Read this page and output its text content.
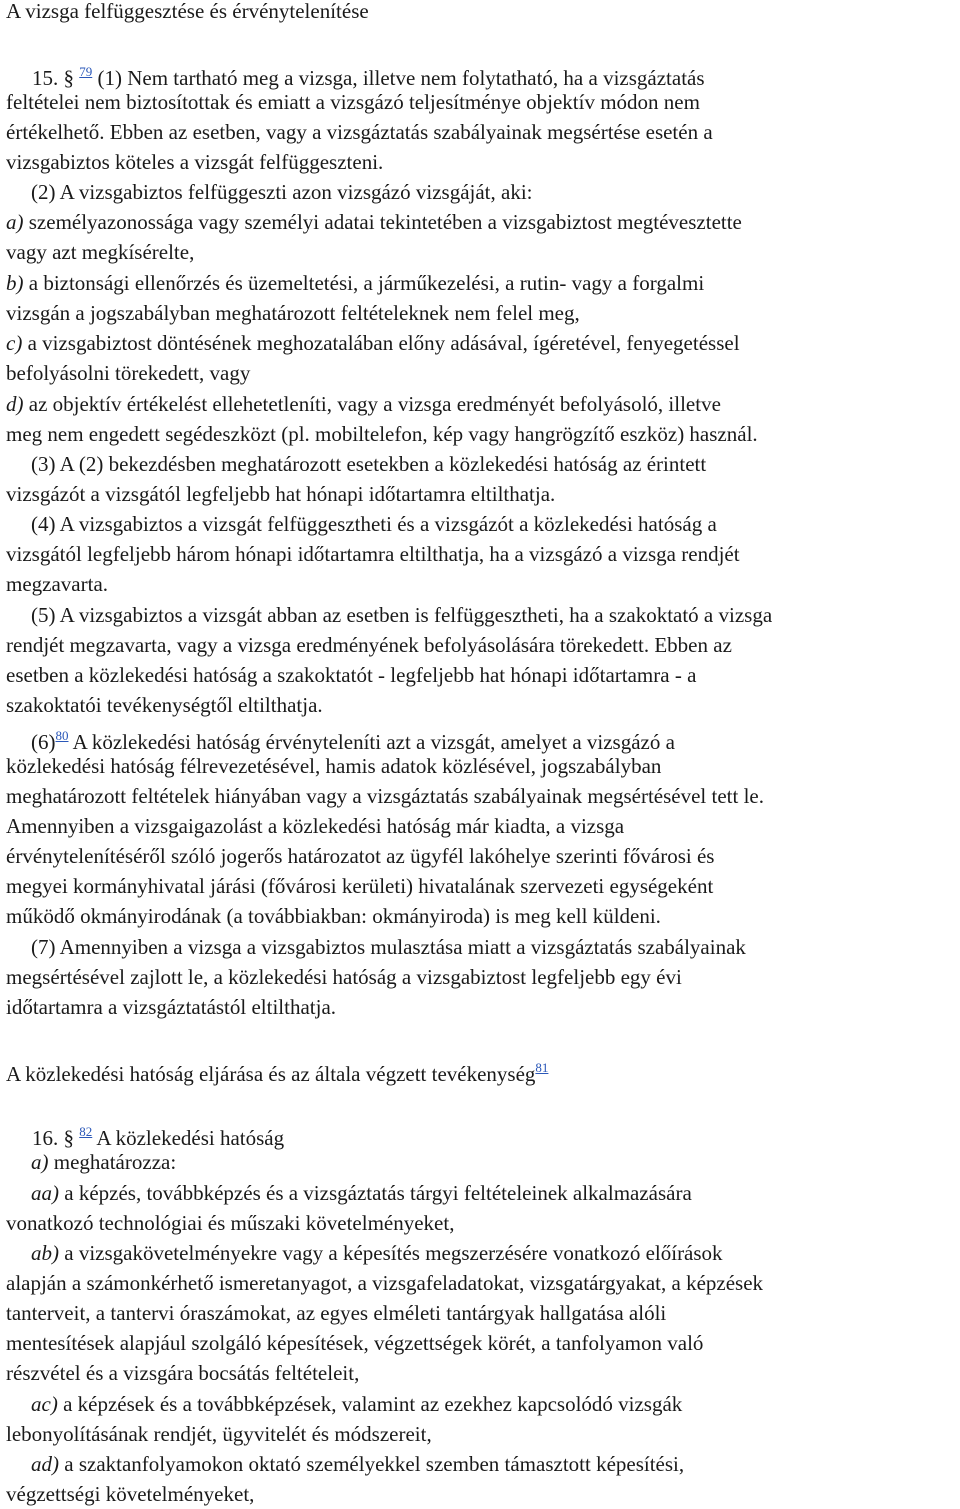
A vizsga felfüggesztése és érvénytelenítése
15. § $^{79}$ (1) Nem tartható meg a vizsga, illetve nem folytatható, ha a vizsgáztatás
feltételei nem biztosítottak és emiatt a vizsgázó teljesítménye objektív módon nem
értékelhető. Ebben az esetben, vagy a vizsgáztatás szabályainak megsértése esetén a
vizsgabiztos köteles a vizsgát felfüggeszteni.
(2) A vizsgabiztos felfüggeszti azon vizsgázó vizsgáját, aki:
a) személyazonossága vagy személyi adatai tekintetében a vizsgabiztost megtévesztette
vagy azt megkísérelte,
b) a biztonsági ellenőrzés és üzemeltetési, a járműkezelési, a rutin- vagy a forgalmi
vizsgán a jogszabályban meghatározott feltételeknek nem felel meg,
c) a vizsgabiztost döntésének meghozatalában előny adásával, ígéretével, fenyegetéssel
befolyásolni törekedett, vagy
d) az objektív értékelést ellehetetleníti, vagy a vizsga eredményét befolyásoló, illetve
meg nem engedett segédeszközt (pl. mobiltelefon, kép vagy hangrögzítő eszköz) használ.
(3) A (2) bekezdésben meghatározott esetekben a közlekedési hatóság az érintett
vizsgázót a vizsgától legfeljebb hat hónapi időtartamra eltilthatja.
(4) A vizsgabiztos a vizsgát felfüggesztheti és a vizsgázót a közlekedési hatóság a
vizsgától legfeljebb három hónapi időtartamra eltilthatja, ha a vizsgázó a vizsga rendjét
megzavarta.
(5) A vizsgabiztos a vizsgát abban az esetben is felfüggesztheti, ha a szakoktató a vizsga
rendjét megzavarta, vagy a vizsga eredményének befolyásolására törekedett. Ebben az
esetben a közlekedési hatóság a szakoktatót - legfeljebb hat hónapi időtartamra - a
szakoktatói tevékenységtől eltilthatja.
(6)$^{80}$ A közlekedési hatóság érvényteleníti azt a vizsgát, amelyet a vizsgázó a
közlekedési hatóság félrevezetésével, hamis adatok közlésével, jogszabályban
meghatározott feltételek hiányában vagy a vizsgáztatás szabályainak megsértésével tett le.
Amennyiben a vizsgaigazolást a közlekedési hatóság már kiadta, a vizsga
érvénytelenítéséről szóló jogerős határozatot az ügyfél lakóhelye szerinti fővárosi és
megyei kormányhivatal járási (fővárosi kerületi) hivatalának szervezeti egységeként
működő okmányirodának (a továbbiakban: okmányiroda) is meg kell küldeni.
(7) Amennyiben a vizsga a vizsgabiztos mulasztása miatt a vizsgáztatás szabályainak
megsértésével zajlott le, a közlekedési hatóság a vizsgabiztost legfeljebb egy évi
időtartamra a vizsgáztatástól eltilthatja.
A közlekedési hatóság eljárása és az általa végzett tevékenység$^{81}$
16. § $^{82}$ A közlekedési hatóság
a) meghatározza:
aa) a képzés, továbbképzés és a vizsgáztatás tárgyi feltételeinek alkalmazására
vonatkozó technológiai és műszaki követelményeket,
ab) a vizsgakövetelményekre vagy a képesítés megszerzésére vonatkozó előírások
alapján a számonkérhető ismeretanyagot, a vizsgafeladatokat, vizsgatárgyakat, a képzések
tanterveit, a tantervi óraszámokat, az egyes elméleti tantárgyak hallgatása alóli
mentesítések alapjául szolgáló képesítések, végzettségek körét, a tanfolyamon való
részvétel és a vizsgára bocsátás feltételeit,
ac) a képzések és a továbbképzések, valamint az ezekhez kapcsolódó vizsgák
lebonyolításának rendjét, ügyvitelét és módszereit,
ad) a szaktanfolyamokon oktató személyekkel szemben támasztott képesítési,
végzettségi követelményeket,
